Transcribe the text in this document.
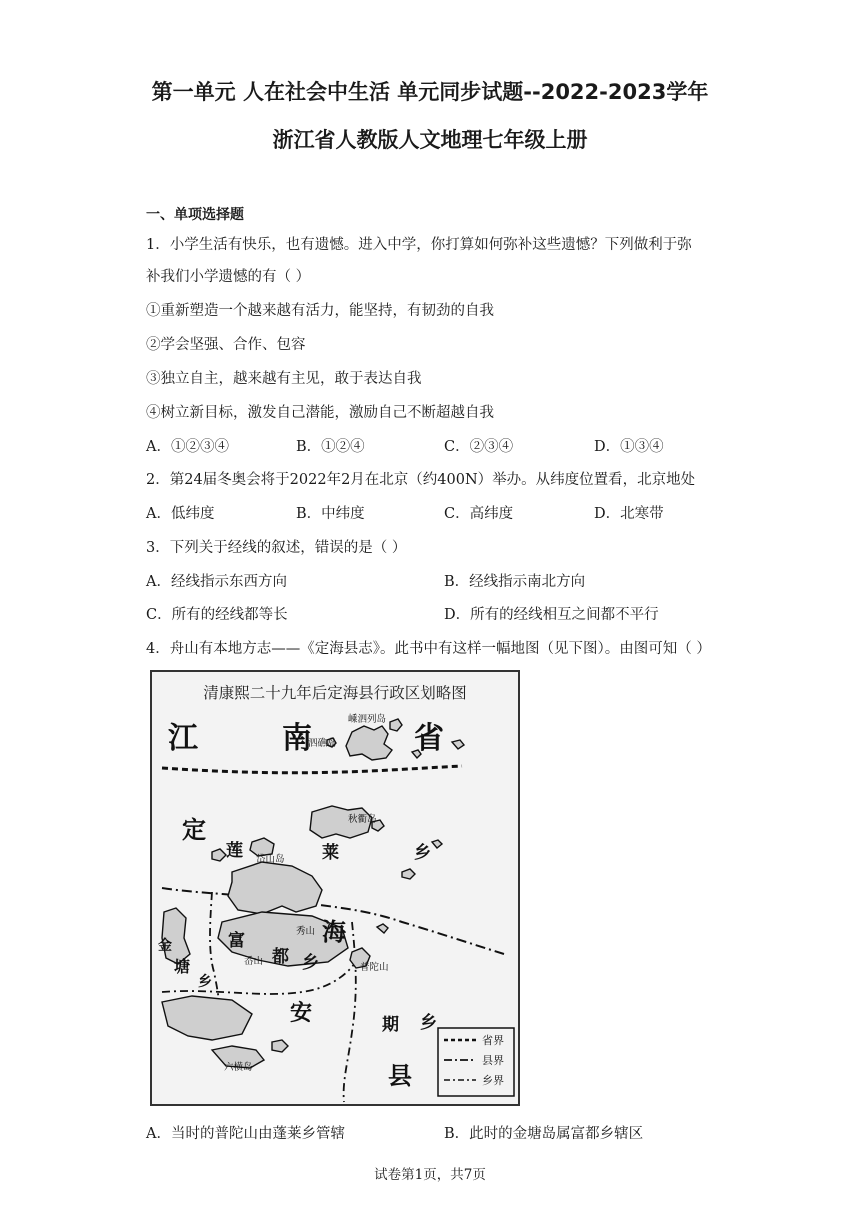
第一单元 人在社会中生活 单元同步试题--2022-2023学年
浙江省人教版人文地理七年级上册
一、单项选择题
1．小学生活有快乐，也有遗憾。进入中学，你打算如何弥补这些遗憾？下列做利于弥
补我们小学遗憾的有（ ）
①重新塑造一个越来越有活力，能坚持，有韧劲的自我
②学会坚强、合作、包容
③独立自主，越来越有主见，敢于表达自我
④树立新目标，激发自己潜能，激励自己不断超越自我
A．①②③④	B．①②④	C．②③④	D．①③④
2．第24届冬奥会将于2022年2月在北京（约400N）举办。从纬度位置看，北京地处
A．低纬度	B．中纬度	C．高纬度	D．北寒带
3．下列关于经线的叙述，错误的是（ ）
A．经线指示东西方向	B．经线指示南北方向
C．所有的经线都等长	D．所有的经线相互之间都不平行
4．舟山有本地方志——《定海县志》。此书中有这样一幅地图（见下图）。由图可知（ ）
清康熙二十九年后定海县行政区划略图
江	南	省
定
莲	莱	乡
富
都 乡
海
安	期 乡
县
金
塘
乡
嵊泗列岛
泗礁岛
秋衢岛
岱山岛
秀山
岙山
普陀山
六横岛
省界
县界
乡界
A．当时的普陀山由蓬莱乡管辖	B．此时的金塘岛属富都乡辖区
试卷第1页，共7页
